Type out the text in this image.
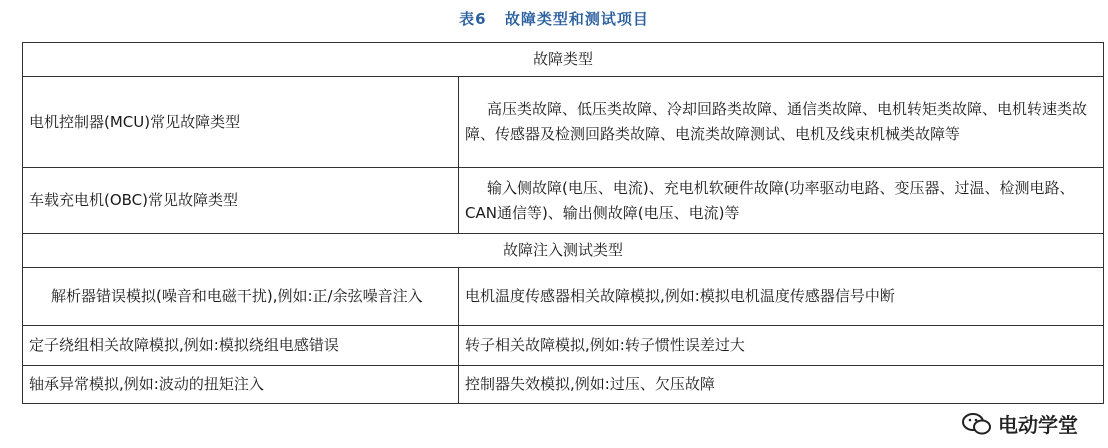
表6 故障类型和测试项目
故障类型	
电机控制器(MCU)常见故障类型	高压类故障、低压类故障、冷却回路类故障、通信类故障、电机转矩类故障、电机转速类故障、传感器及检测回路类故障、电流类故障测试、电机及线束机械类故障等
车载充电机(OBC)常见故障类型	输入侧故障(电压、电流)、充电机软硬件故障(功率驱动电路、变压器、过温、检测电路、CAN通信等)、输出侧故障(电压、电流)等
故障注入测试类型	
解析器错误模拟(噪音和电磁干扰),例如:正/余弦噪音注入	电机温度传感器相关故障模拟,例如:模拟电机温度传感器信号中断
定子绕组相关故障模拟,例如:模拟绕组电感错误	转子相关故障模拟,例如:转子惯性误差过大
轴承异常模拟,例如:波动的扭矩注入	控制器失效模拟,例如:过压、欠压故障
电动学堂
